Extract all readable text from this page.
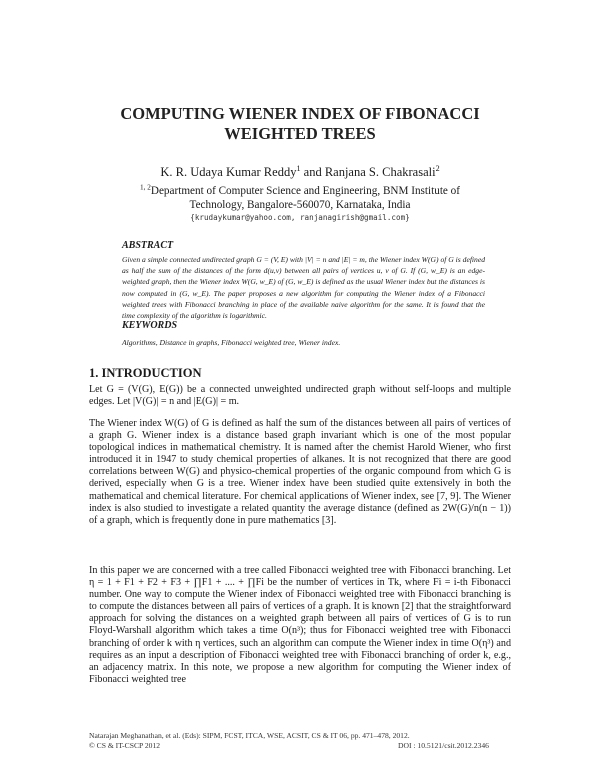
COMPUTING WIENER INDEX OF FIBONACCI
WEIGHTED TREES
K. R. Udaya Kumar Reddy$^1$ and Ranjana S. Chakrasali$^2$
$^{1, 2}$Department of Computer Science and Engineering, BNM Institute of
Technology, Bangalore-560070, Karnataka, India
{krudaykumar@yahoo.com, ranjanagirish@gmail.com}
ABSTRACT
Given a simple connected undirected graph G = (V, E) with |V| = n and |E| = m, the Wiener index W(G) of G is defined as half the sum of the distances of the form d(u,v) between all pairs of vertices u, v of G. If (G, w_E) is an edge-weighted graph, then the Wiener index W(G, w_E) of (G, w_E) is defined as the usual Wiener index but the distances is now computed in (G, w_E). The paper proposes a new algorithm for computing the Wiener index of a Fibonacci weighted trees with Fibonacci branching in place of the available naive algorithm for the same. It is found that the time complexity of the algorithm is logarithmic.
KEYWORDS
Algorithms, Distance in graphs, Fibonacci weighted tree, Wiener index.
1. INTRODUCTION
Let G = (V(G), E(G)) be a connected unweighted undirected graph without self-loops and multiple edges. Let |V(G)| = n and |E(G)| = m.
The Wiener index W(G) of G is defined as half the sum of the distances between all pairs of vertices of a graph G. Wiener index is a distance based graph invariant which is one of the most popular topological indices in mathematical chemistry. It is named after the chemist Harold Wiener, who first introduced it in 1947 to study chemical properties of alkanes. It is not recognized that there are good correlations between W(G) and physico-chemical properties of the organic compound from which G is derived, especially when G is a tree. Wiener index have been studied quite extensively in both the mathematical and chemical literature. For chemical applications of Wiener index, see [7, 9]. The Wiener index is also studied to investigate a related quantity the average distance (defined as 2W(G)/n(n − 1)) of a graph, which is frequently done in pure mathematics [3].
In this paper we are concerned with a tree called Fibonacci weighted tree with Fibonacci branching. Let η = 1 + F1 + F2 + F3 + ∏F1 + .... + ∏Fi be the number of vertices in Tk, where Fi = i-th Fibonacci number. One way to compute the Wiener index of Fibonacci weighted tree with Fibonacci branching is to compute the distances between all pairs of vertices of a graph. It is known [2] that the straightforward approach for solving the distances on a weighted graph between all pairs of vertices of G is to run Floyd-Warshall algorithm which takes a time O(n³); thus for Fibonacci weighted tree with Fibonacci branching of order k with η vertices, such an algorithm can compute the Wiener index in time O(η³) and requires as an input a description of Fibonacci weighted tree with Fibonacci branching of order k, e.g., an adjacency matrix. In this note, we propose a new algorithm for computing the Wiener index of Fibonacci weighted tree
Natarajan Meghanathan, et al. (Eds): SIPM, FCST, ITCA, WSE, ACSIT, CS & IT 06, pp. 471–478, 2012.
© CS & IT-CSCP 2012	DOI : 10.5121/csit.2012.2346
